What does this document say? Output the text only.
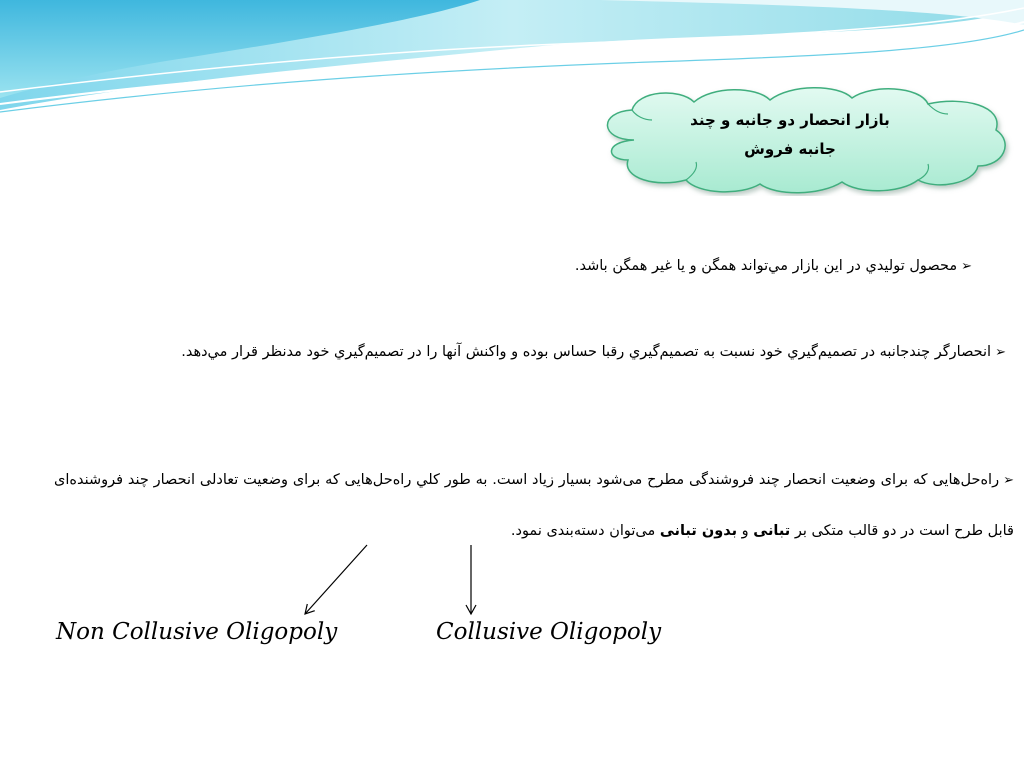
بازار انحصار دو جانبه و چند
جانبه فروش
➢محصول توليدي در اين بازار مي‌تواند همگن و يا غير همگن باشد.
➢انحصارگر چندجانبه در تصميم‌گيري خود نسبت به تصميم‌گيري رقبا حساس بوده و واکنش آنها را در تصميم‌گيري خود مدنظر قرار مي‌دهد.
➢راه‌حل‌هایی که برای وضعیت انحصار چند فروشندگی مطرح می‌شود بسیار زیاد است. به طور کلي راه‌حل‌هایی که برای وضعیت تعادلی انحصار چند فروشنده‌ای قابل طرح است در دو قالب متکی بر تبانی و بدون تبانی می‌توان دسته‌بندی نمود.
Non Collusive Oligopoly	Collusive Oligopoly
